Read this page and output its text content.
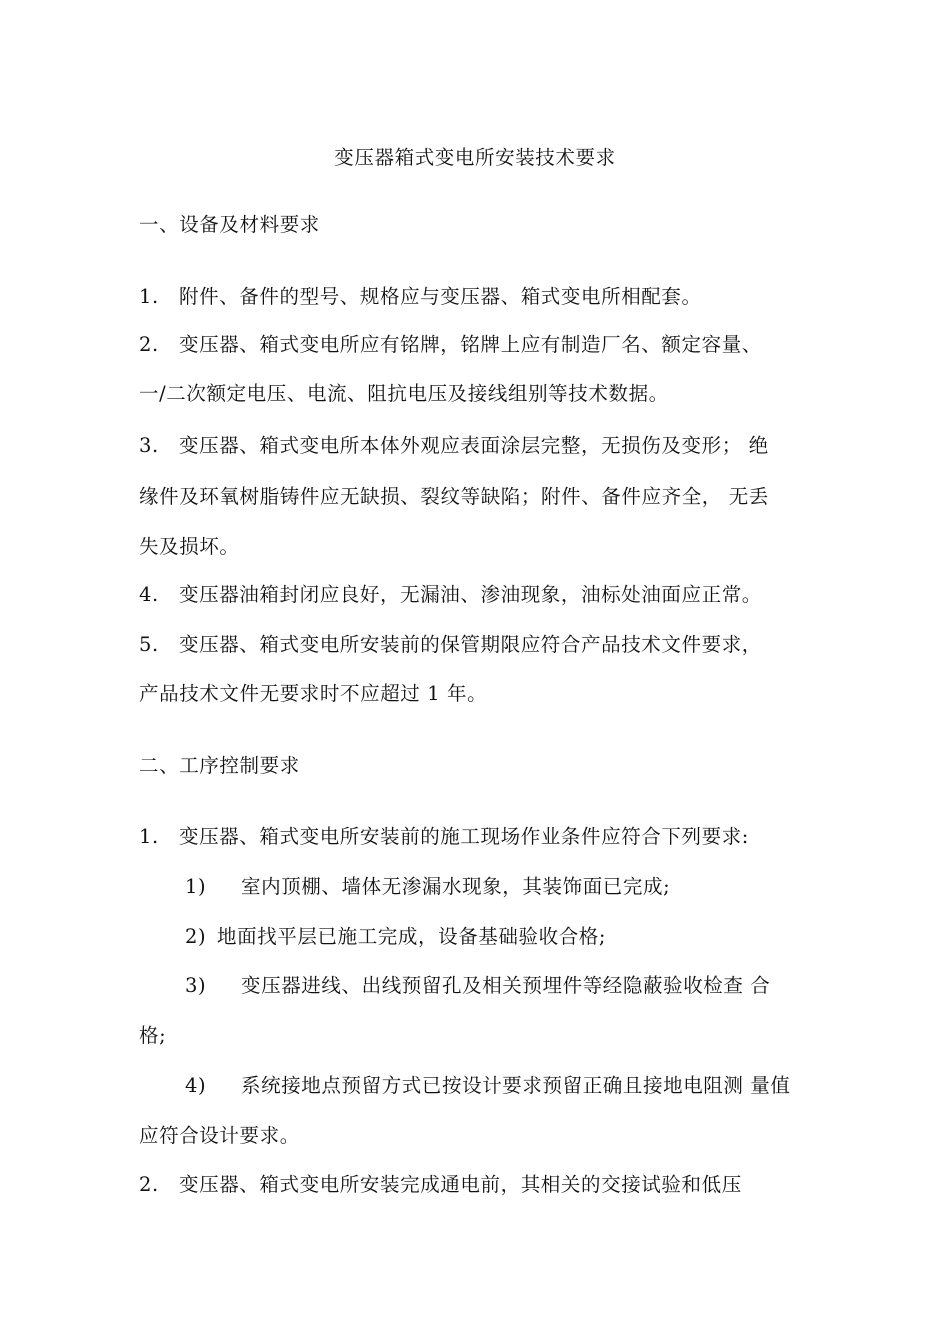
变压器箱式变电所安装技术要求
一、设备及材料要求
1. 附件、备件的型号、规格应与变压器、箱式变电所相配套。
2. 变压器、箱式变电所应有铭牌，铭牌上应有制造厂名、额定容量、
一/二次额定电压、电流、阻抗电压及接线组别等技术数据。
3. 变压器、箱式变电所本体外观应表面涂层完整，无损伤及变形； 绝
缘件及环氧树脂铸件应无缺损、裂纹等缺陷；附件、备件应齐全， 无丢
失及损坏。
4. 变压器油箱封闭应良好，无漏油、渗油现象，油标处油面应正常。
5. 变压器、箱式变电所安装前的保管期限应符合产品技术文件要求，
产品技术文件无要求时不应超过 1 年。
二、工序控制要求
1. 变压器、箱式变电所安装前的施工现场作业条件应符合下列要求:
1) 室内顶棚、墙体无渗漏水现象，其装饰面已完成;
2) 地面找平层已施工完成，设备基础验收合格;
3) 变压器进线、出线预留孔及相关预埋件等经隐蔽验收检查 合
格;
4) 系统接地点预留方式已按设计要求预留正确且接地电阻测 量值
应符合设计要求。
2. 变压器、箱式变电所安装完成通电前，其相关的交接试验和低压
